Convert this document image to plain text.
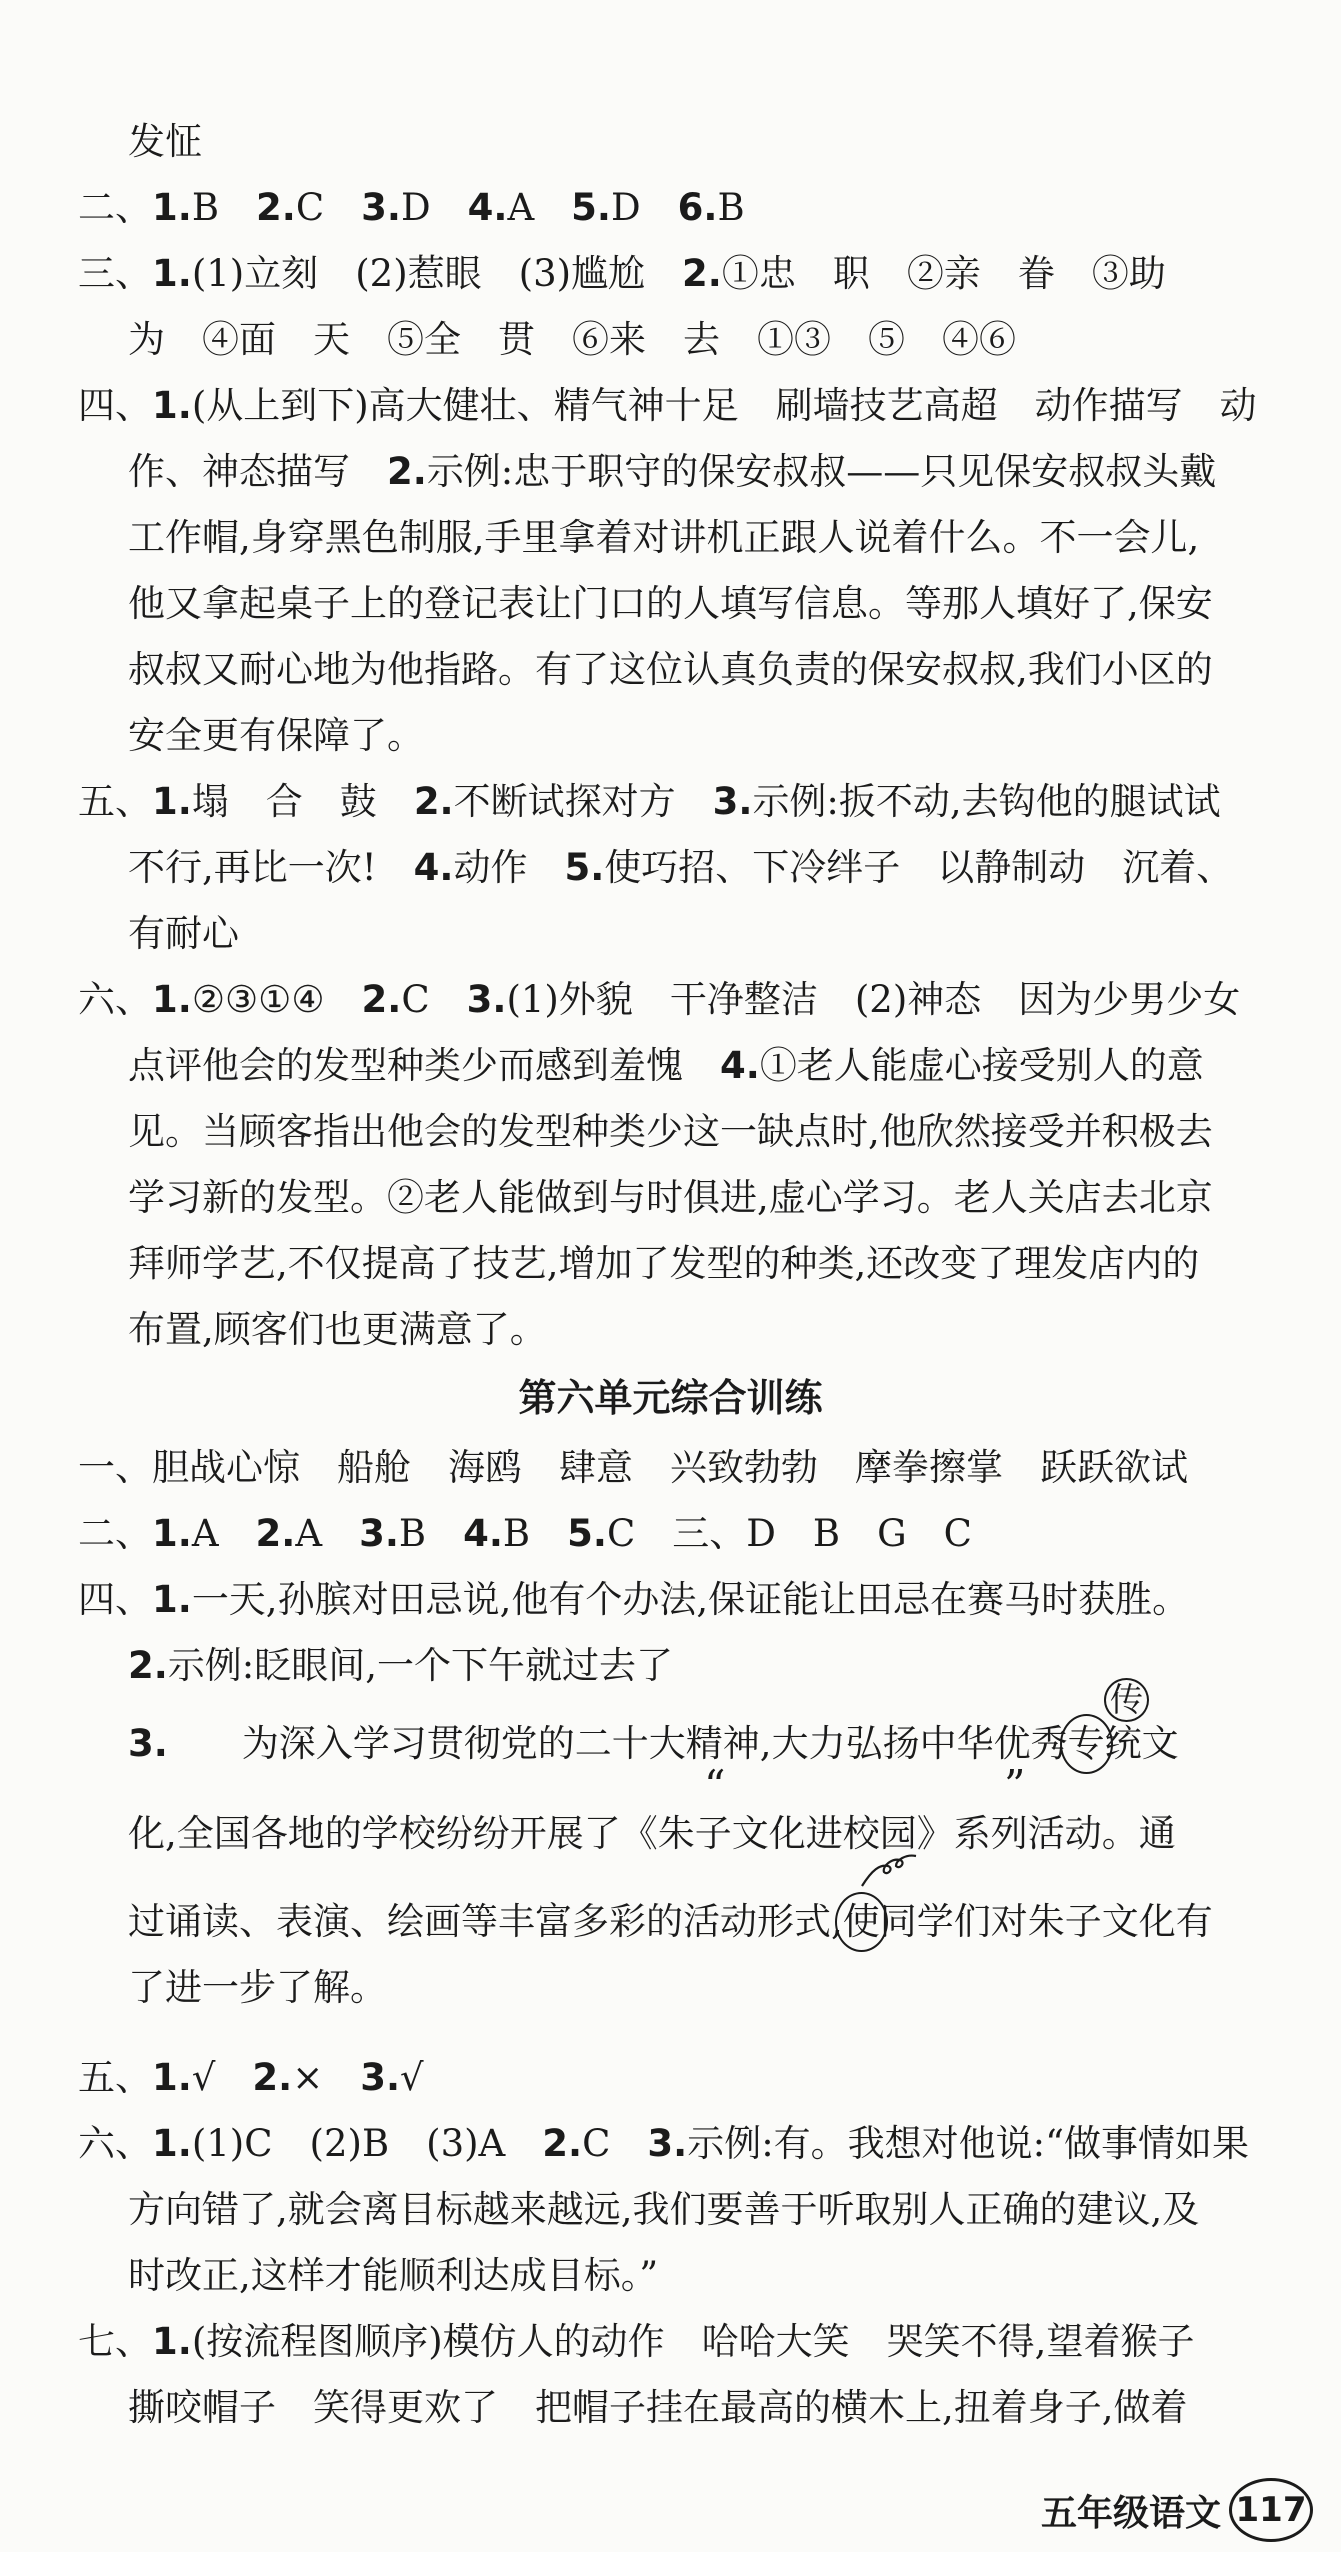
发怔
二、1.B　2.C　3.D　4.A　5.D　6.B
三、1.(1)立刻　(2)惹眼　(3)尴尬　2.①忠　职　②亲　眷　③助
为　④面　天　⑤全　贯　⑥来　去　①③　⑤　④⑥
四、1.(从上到下)高大健壮、精气神十足　刷墙技艺高超　动作描写　动
作、神态描写　2.示例:忠于职守的保安叔叔——只见保安叔叔头戴
工作帽,身穿黑色制服,手里拿着对讲机正跟人说着什么。不一会儿,
他又拿起桌子上的登记表让门口的人填写信息。等那人填好了,保安
叔叔又耐心地为他指路。有了这位认真负责的保安叔叔,我们小区的
安全更有保障了。
五、1.塌　合　鼓　2.不断试探对方　3.示例:扳不动,去钩他的腿试试
不行,再比一次!　4.动作　5.使巧招、下冷绊子　以静制动　沉着、
有耐心
六、1.②③①④　2.C　3.(1)外貌　干净整洁　(2)神态　因为少男少女
点评他会的发型种类少而感到羞愧　4.①老人能虚心接受别人的意
见。当顾客指出他会的发型种类少这一缺点时,他欣然接受并积极去
学习新的发型。②老人能做到与时俱进,虚心学习。老人关店去北京
拜师学艺,不仅提高了技艺,增加了发型的种类,还改变了理发店内的
布置,顾客们也更满意了。
第六单元综合训练
一、胆战心惊　船舱　海鸥　肆意　兴致勃勃　摩拳擦掌　跃跃欲试
二、1.A　2.A　3.B　4.B　5.C　三、D　B　G　C
四、1.一天,孙膑对田忌说,他有个办法,保证能让田忌在赛马时获胜。
2.示例:眨眼间,一个下午就过去了
传
3.　　 为深入学习贯彻党的二十大精神,大力弘扬中华优秀专统文
“	”
化,全国各地的学校纷纷开展了《朱子文化进校园》系列活动。通
过诵读、表演、绘画等丰富多彩的活动形式,使同学们对朱子文化有
了进一步了解。
五、1.√　2.×　3.√
六、1.(1)C　(2)B　(3)A　2.C　3.示例:有。我想对他说:“做事情如果
方向错了,就会离目标越来越远,我们要善于听取别人正确的建议,及
时改正,这样才能顺利达成目标。”
七、1.(按流程图顺序)模仿人的动作　哈哈大笑　哭笑不得,望着猴子
撕咬帽子　笑得更欢了　把帽子挂在最高的横木上,扭着身子,做着
五年级语文 117
